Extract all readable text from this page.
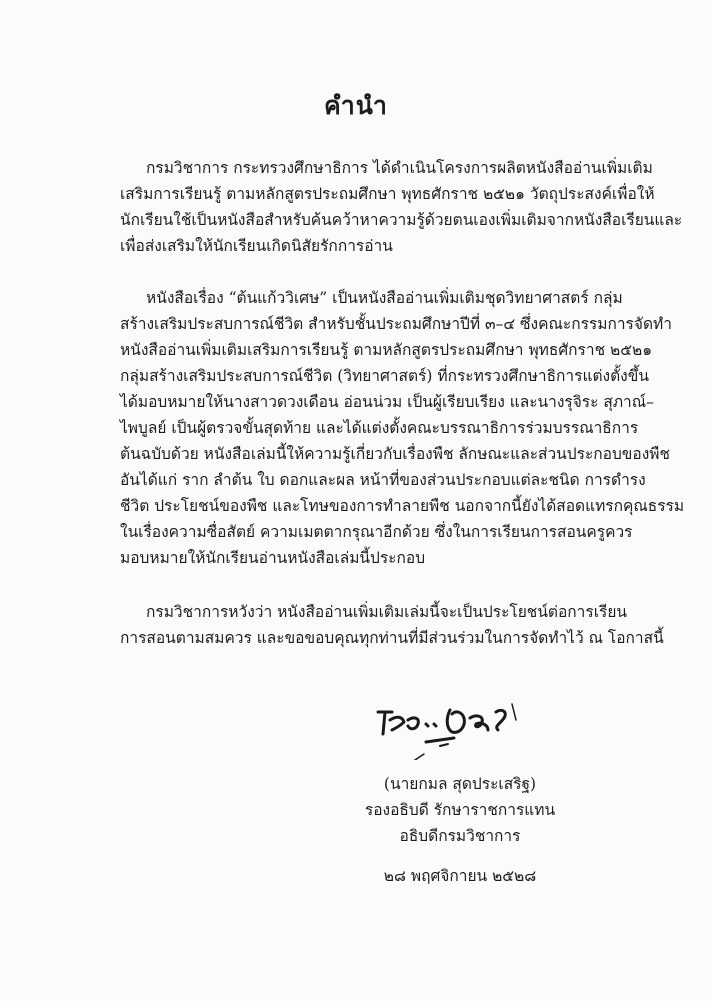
คำนำ
กรมวิชาการ กระทรวงศึกษาธิการ ได้ดำเนินโครงการผลิตหนังสืออ่านเพิ่มเติม
เสริมการเรียนรู้ ตามหลักสูตรประถมศึกษา พุทธศักราช ๒๕๒๑ วัตถุประสงค์เพื่อให้
นักเรียนใช้เป็นหนังสือสำหรับค้นคว้าหาความรู้ด้วยตนเองเพิ่มเติมจากหนังสือเรียนและ
เพื่อส่งเสริมให้นักเรียนเกิดนิสัยรักการอ่าน
หนังสือเรื่อง “ต้นแก้ววิเศษ” เป็นหนังสืออ่านเพิ่มเติมชุดวิทยาศาสตร์ กลุ่ม
สร้างเสริมประสบการณ์ชีวิต สำหรับชั้นประถมศึกษาปีที่ ๓–๔ ซึ่งคณะกรรมการจัดทำ
หนังสืออ่านเพิ่มเติมเสริมการเรียนรู้ ตามหลักสูตรประถมศึกษา พุทธศักราช ๒๕๒๑
กลุ่มสร้างเสริมประสบการณ์ชีวิต (วิทยาศาสตร์) ที่กระทรวงศึกษาธิการแต่งตั้งขึ้น
ได้มอบหมายให้นางสาวดวงเดือน อ่อนน่วม เป็นผู้เรียบเรียง และนางรุจิระ สุภาณ์–
ไพบูลย์ เป็นผู้ตรวจขั้นสุดท้าย และได้แต่งตั้งคณะบรรณาธิการร่วมบรรณาธิการ
ต้นฉบับด้วย หนังสือเล่มนี้ให้ความรู้เกี่ยวกับเรื่องพืช ลักษณะและส่วนประกอบของพืช
อันได้แก่ ราก ลำต้น ใบ ดอกและผล หน้าที่ของส่วนประกอบแต่ละชนิด การดำรง
ชีวิต ประโยชน์ของพืช และโทษของการทำลายพืช นอกจากนี้ยังได้สอดแทรกคุณธรรม
ในเรื่องความซื่อสัตย์ ความเมตตากรุณาอีกด้วย ซึ่งในการเรียนการสอนครูควร
มอบหมายให้นักเรียนอ่านหนังสือเล่มนี้ประกอบ
กรมวิชาการหวังว่า หนังสืออ่านเพิ่มเติมเล่มนี้จะเป็นประโยชน์ต่อการเรียน
การสอนตามสมควร และขอขอบคุณทุกท่านที่มีส่วนร่วมในการจัดทำไว้ ณ โอกาสนี้
(นายกมล สุดประเสริฐ)
รองอธิบดี รักษาราชการแทน
อธิบดีกรมวิชาการ
๒๘ พฤศจิกายน ๒๕๒๘
